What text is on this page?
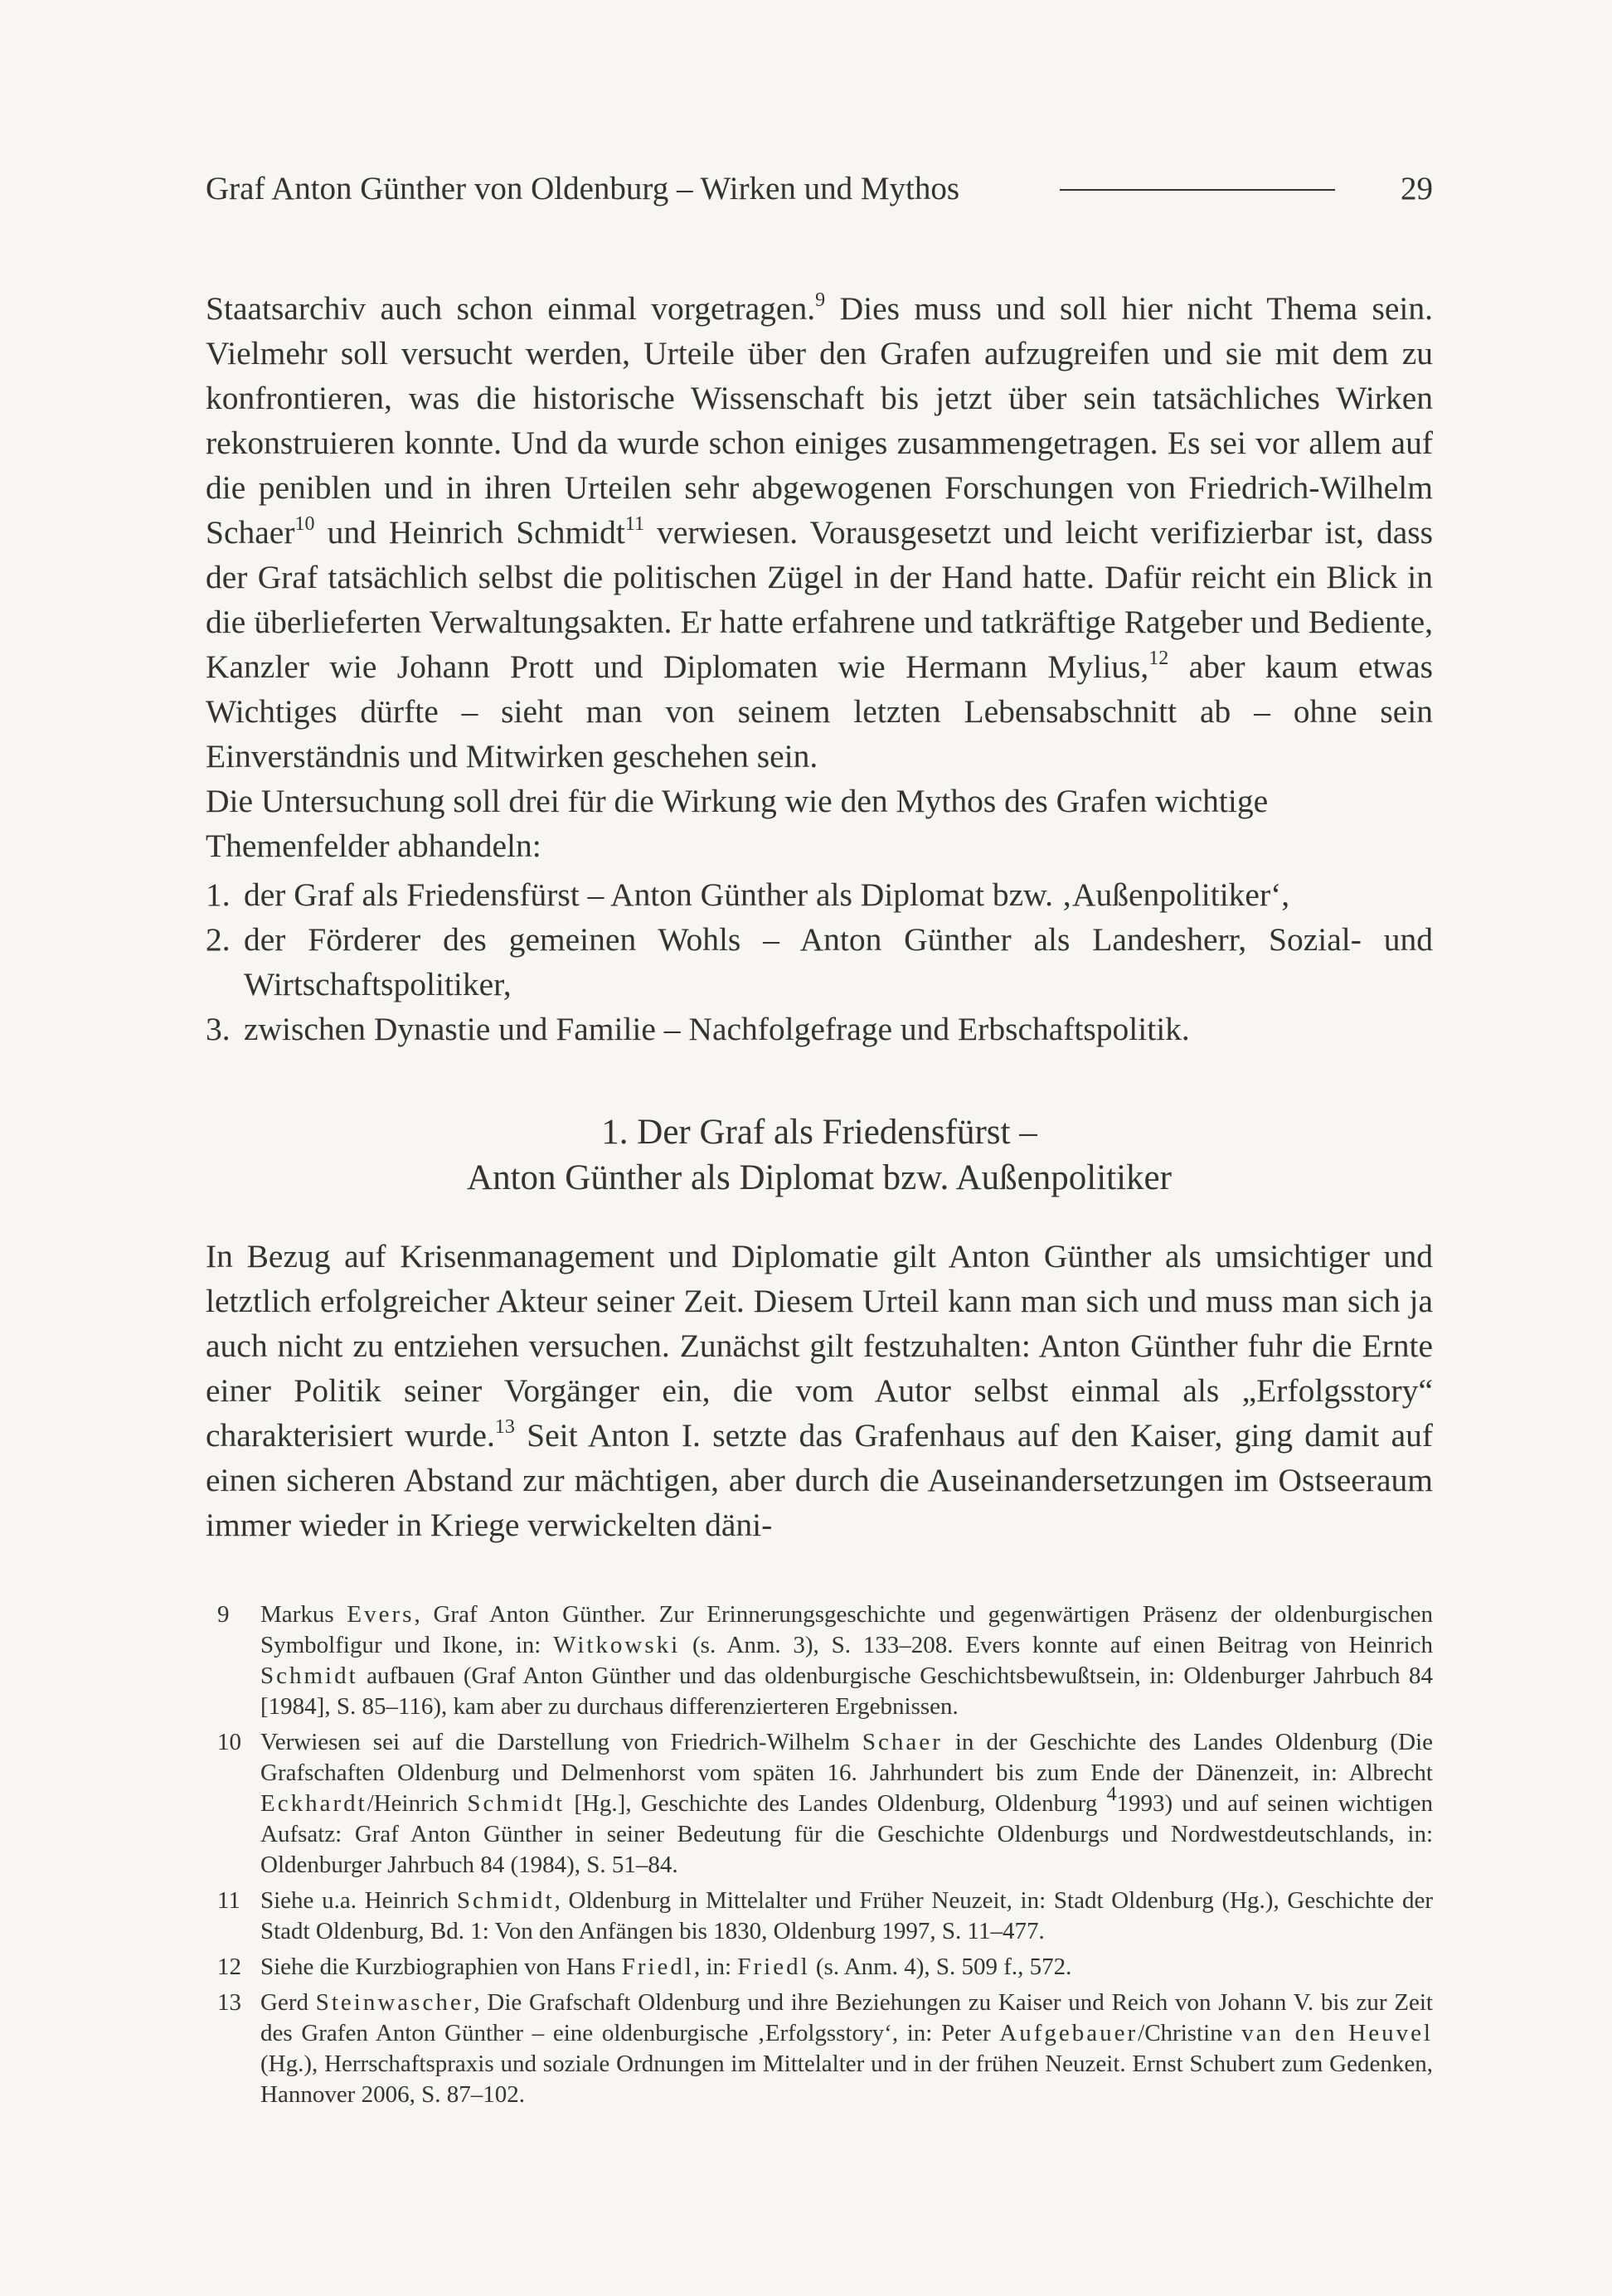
Graf Anton Günther von Oldenburg – Wirken und Mythos	29

Staatsarchiv auch schon einmal vorgetragen.$^9$ Dies muss und soll hier nicht Thema sein. Vielmehr soll versucht werden, Urteile über den Grafen aufzugreifen und sie mit dem zu konfrontieren, was die historische Wissenschaft bis jetzt über sein tatsächliches Wirken rekonstruieren konnte. Und da wurde schon einiges zusammengetragen. Es sei vor allem auf die peniblen und in ihren Urteilen sehr abgewogenen Forschungen von Friedrich-Wilhelm Schaer$^{10}$ und Heinrich Schmidt$^{11}$ verwiesen. Vorausgesetzt und leicht verifizierbar ist, dass der Graf tatsächlich selbst die politischen Zügel in der Hand hatte. Dafür reicht ein Blick in die überlieferten Verwaltungsakten. Er hatte erfahrene und tatkräftige Ratgeber und Bediente, Kanzler wie Johann Prott und Diplomaten wie Hermann Mylius,$^{12}$ aber kaum etwas Wichtiges dürfte – sieht man von seinem letzten Lebensabschnitt ab – ohne sein Einverständnis und Mitwirken geschehen sein.

Die Untersuchung soll drei für die Wirkung wie den Mythos des Grafen wichtige Themenfelder abhandeln:

1. der Graf als Friedensfürst – Anton Günther als Diplomat bzw. ‚Außenpolitiker‘,
2. der Förderer des gemeinen Wohls – Anton Günther als Landesherr, Sozial- und Wirtschaftspolitiker,
3. zwischen Dynastie und Familie – Nachfolgefrage und Erbschaftspolitik.
1. Der Graf als Friedensfürst –
Anton Günther als Diplomat bzw. Außenpolitiker

In Bezug auf Krisenmanagement und Diplomatie gilt Anton Günther als umsichtiger und letztlich erfolgreicher Akteur seiner Zeit. Diesem Urteil kann man sich und muss man sich ja auch nicht zu entziehen versuchen. Zunächst gilt festzuhalten: Anton Günther fuhr die Ernte einer Politik seiner Vorgänger ein, die vom Autor selbst einmal als „Erfolgsstory“ charakterisiert wurde.$^{13}$ Seit Anton I. setzte das Grafenhaus auf den Kaiser, ging damit auf einen sicheren Abstand zur mächtigen, aber durch die Auseinandersetzungen im Ostseeraum immer wieder in Kriege verwickelten däni-

9 Markus Evers, Graf Anton Günther. Zur Erinnerungsgeschichte und gegenwärtigen Präsenz der oldenburgischen Symbolfigur und Ikone, in: Witkowski (s. Anm. 3), S. 133–208. Evers konnte auf einen Beitrag von Heinrich Schmidt aufbauen (Graf Anton Günther und das oldenburgische Geschichtsbewußtsein, in: Oldenburger Jahrbuch 84 [1984], S. 85–116), kam aber zu durchaus differenzierteren Ergebnissen.
10 Verwiesen sei auf die Darstellung von Friedrich-Wilhelm Schaer in der Geschichte des Landes Oldenburg (Die Grafschaften Oldenburg und Delmenhorst vom späten 16. Jahrhundert bis zum Ende der Dänenzeit, in: Albrecht Eckhardt/Heinrich Schmidt [Hg.], Geschichte des Landes Oldenburg, Oldenburg $^4$1993) und auf seinen wichtigen Aufsatz: Graf Anton Günther in seiner Bedeutung für die Geschichte Oldenburgs und Nordwestdeutschlands, in: Oldenburger Jahrbuch 84 (1984), S. 51–84.
11 Siehe u.a. Heinrich Schmidt, Oldenburg in Mittelalter und Früher Neuzeit, in: Stadt Oldenburg (Hg.), Geschichte der Stadt Oldenburg, Bd. 1: Von den Anfängen bis 1830, Oldenburg 1997, S. 11–477.
12 Siehe die Kurzbiographien von Hans Friedl, in: Friedl (s. Anm. 4), S. 509 f., 572.
13 Gerd Steinwascher, Die Grafschaft Oldenburg und ihre Beziehungen zu Kaiser und Reich von Johann V. bis zur Zeit des Grafen Anton Günther – eine oldenburgische ‚Erfolgsstory‘, in: Peter Aufgebauer/Christine van den Heuvel (Hg.), Herrschaftspraxis und soziale Ordnungen im Mittelalter und in der frühen Neuzeit. Ernst Schubert zum Gedenken, Hannover 2006, S. 87–102.
